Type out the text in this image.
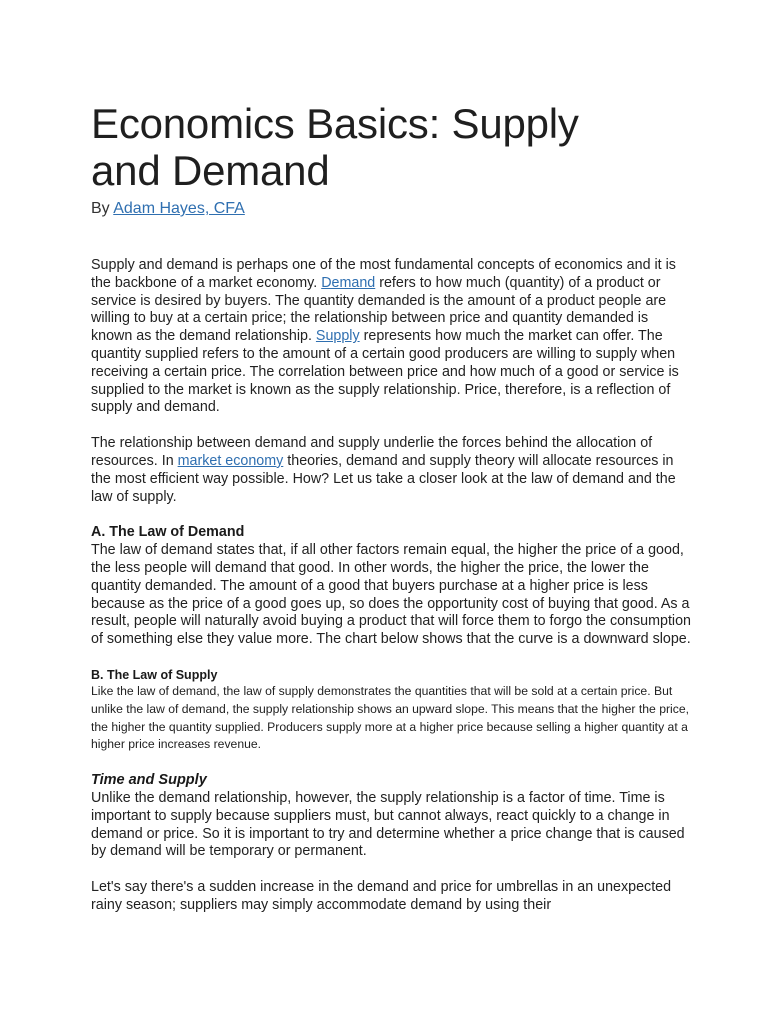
Economics Basics: Supply
and Demand

By Adam Hayes, CFA

Supply and demand is perhaps one of the most fundamental concepts of economics and it is the backbone of a market economy. Demand refers to how much (quantity) of a product or service is desired by buyers. The quantity demanded is the amount of a product people are willing to buy at a certain price; the relationship between price and quantity demanded is known as the demand relationship. Supply represents how much the market can offer. The quantity supplied refers to the amount of a certain good producers are willing to supply when receiving a certain price. The correlation between price and how much of a good or service is supplied to the market is known as the supply relationship. Price, therefore, is a reflection of supply and demand.

The relationship between demand and supply underlie the forces behind the allocation of resources. In market economy theories, demand and supply theory will allocate resources in the most efficient way possible. How? Let us take a closer look at the law of demand and the law of supply.

A. The Law of Demand

The law of demand states that, if all other factors remain equal, the higher the price of a good, the less people will demand that good. In other words, the higher the price, the lower the quantity demanded. The amount of a good that buyers purchase at a higher price is less because as the price of a good goes up, so does the opportunity cost of buying that good. As a result, people will naturally avoid buying a product that will force them to forgo the consumption of something else they value more. The chart below shows that the curve is a downward slope.

B. The Law of Supply

Like the law of demand, the law of supply demonstrates the quantities that will be sold at a certain price. But unlike the law of demand, the supply relationship shows an upward slope. This means that the higher the price, the higher the quantity supplied. Producers supply more at a higher price because selling a higher quantity at a higher price increases revenue.

Time and Supply

Unlike the demand relationship, however, the supply relationship is a factor of time. Time is important to supply because suppliers must, but cannot always, react quickly to a change in demand or price. So it is important to try and determine whether a price change that is caused by demand will be temporary or permanent.

Let's say there's a sudden increase in the demand and price for umbrellas in an unexpected rainy season; suppliers may simply accommodate demand by using their
